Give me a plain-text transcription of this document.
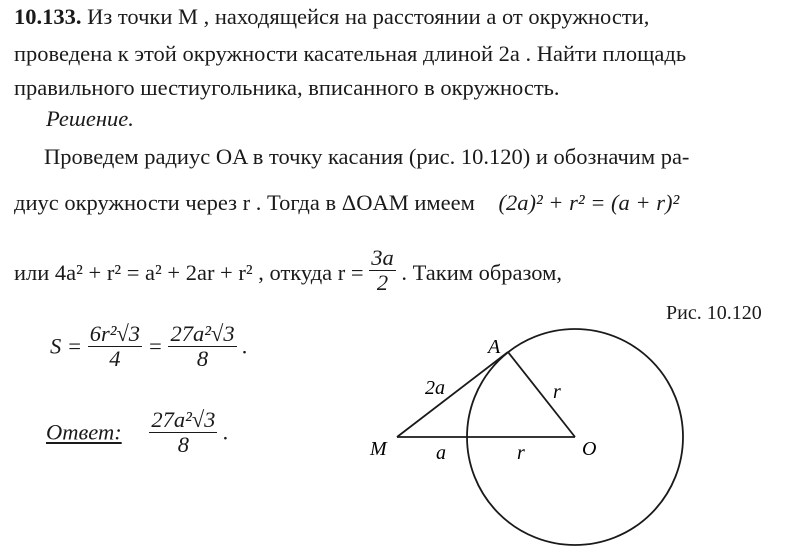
10.133. Из точки M , находящейся на расстоянии a от окружности,
проведена к этой окружности касательная длиной 2a . Найти площадь
правильного шестиугольника, вписанного в окружность.
Решение.
Проведем радиус OA в точку касания (рис. 10.120) и обозначим ра-
диус окружности через r . Тогда в ΔOAM имеем (2a)² + r² = (a + r)²
или 4a² + r² = a² + 2ar + r² , откуда $r = \frac{3a}{2}$ . Таким образом,
$S = \frac{\text{6r²√3}}{4} = \frac{\text{27a²√3}}{8}$ .
Ответ: $\frac{\text{27a²√3}}{8}$ .
Рис. 10.120
A
M	O
2a	r
a	r
